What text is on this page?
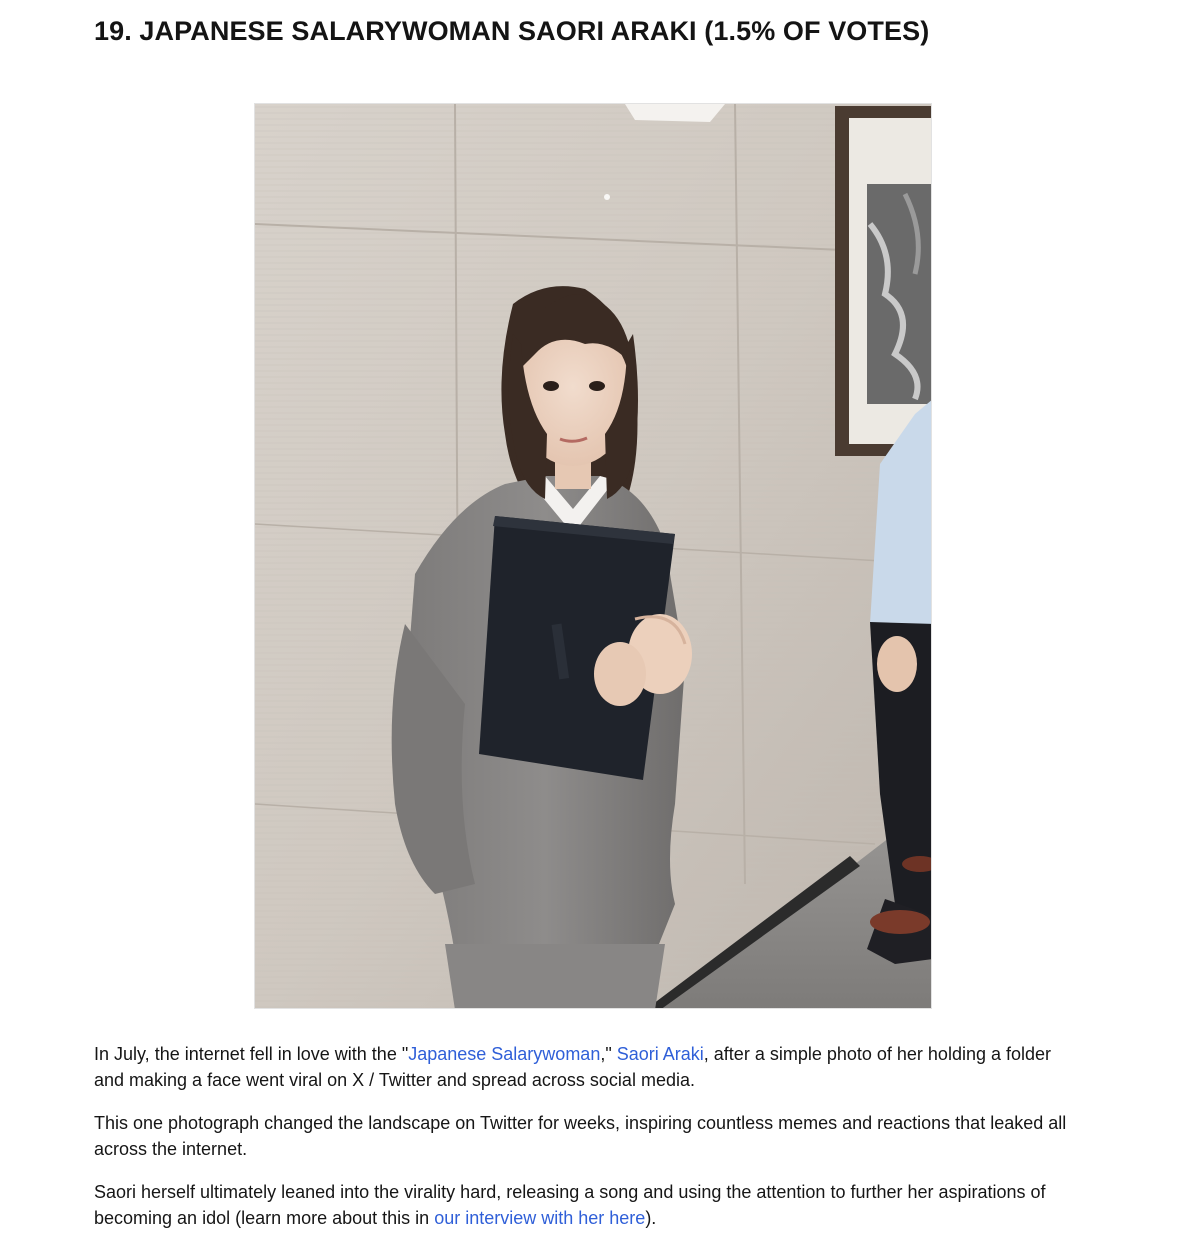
19. JAPANESE SALARYWOMAN SAORI ARAKI (1.5% OF VOTES)

In July, the internet fell in love with the "Japanese Salarywoman," Saori Araki, after a simple photo of her holding a folder and making a face went viral on X / Twitter and spread across social media.

This one photograph changed the landscape on Twitter for weeks, inspiring countless memes and reactions that leaked all across the internet.

Saori herself ultimately leaned into the virality hard, releasing a song and using the attention to further her aspirations of becoming an idol (learn more about this in our interview with her here).
